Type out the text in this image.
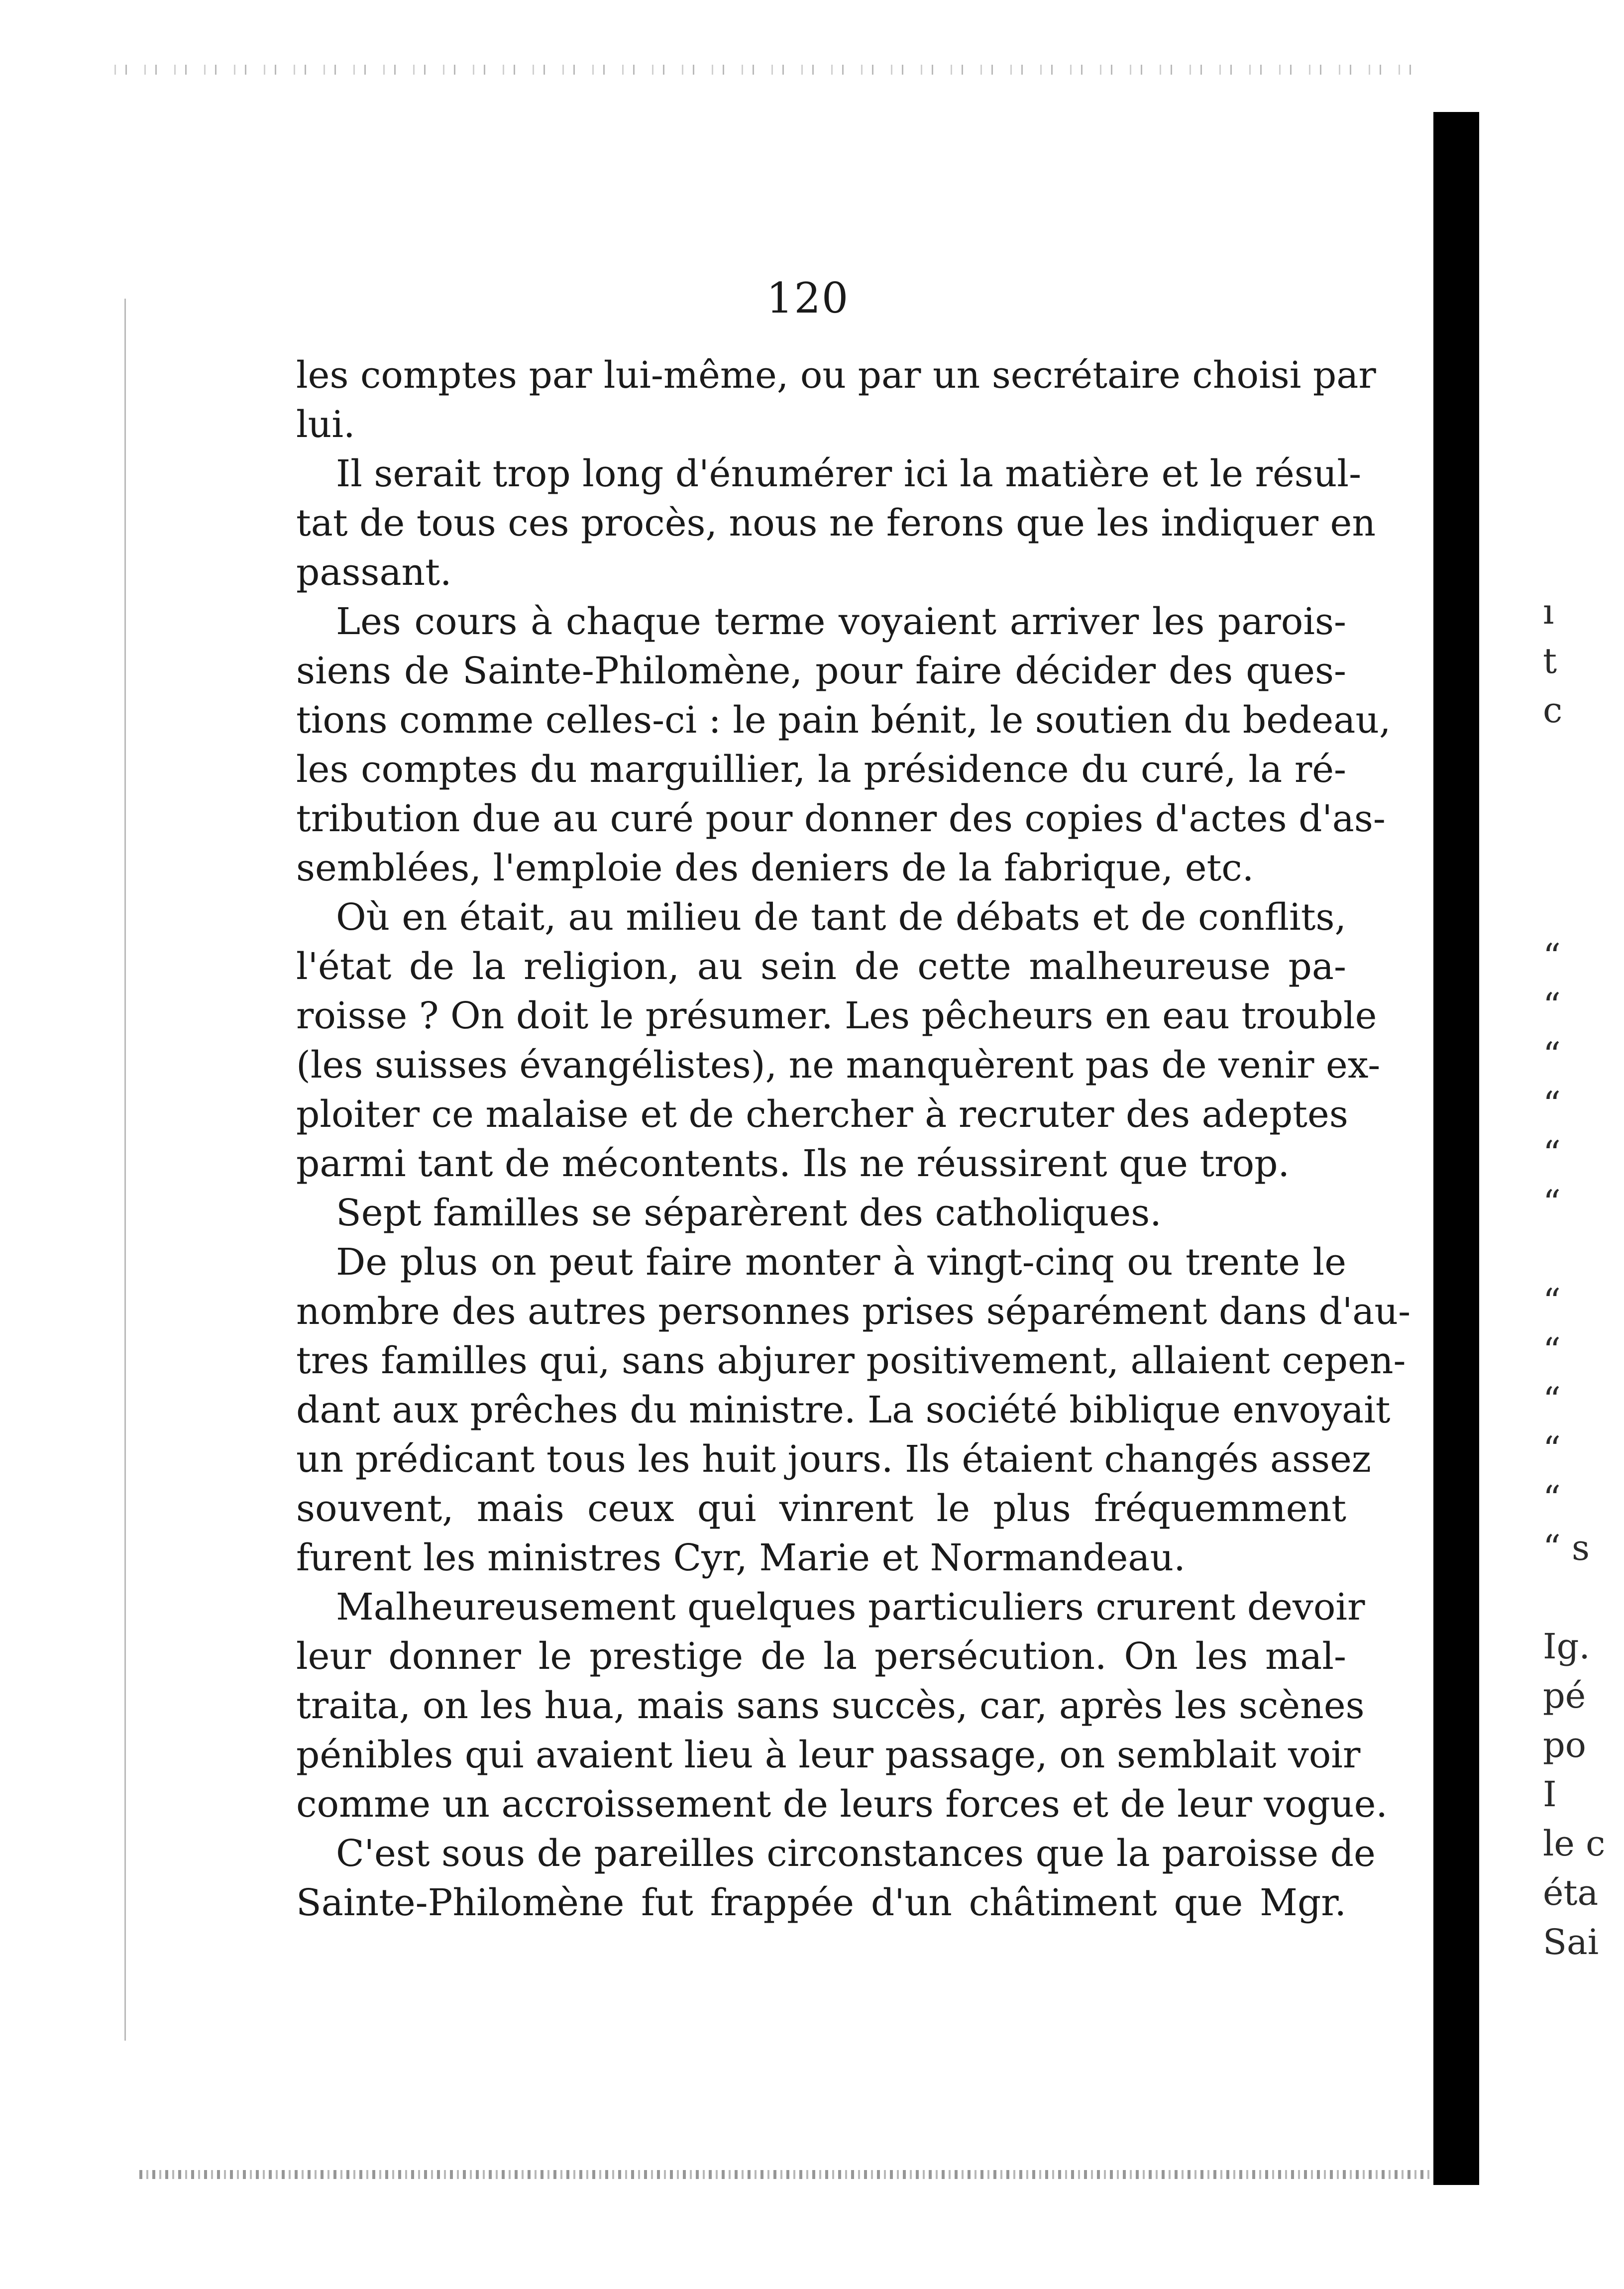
120
les comptes par lui-même, ou par un secrétaire choisi par
lui.
Il serait trop long d'énumérer ici la matière et le résul-
tat de tous ces procès, nous ne ferons que les indiquer en
passant.
Les cours à chaque terme voyaient arriver les parois-
siens de Sainte-Philomène, pour faire décider des ques-
tions comme celles-ci : le pain bénit, le soutien du bedeau,
les comptes du marguillier, la présidence du curé, la ré-
tribution due au curé pour donner des copies d'actes d'as-
semblées, l'emploie des deniers de la fabrique, etc.
Où en était, au milieu de tant de débats et de conflits,
l'état de la religion, au sein de cette malheureuse pa-
roisse ? On doit le présumer. Les pêcheurs en eau trouble
(les suisses évangélistes), ne manquèrent pas de venir ex-
ploiter ce malaise et de chercher à recruter des adeptes
parmi tant de mécontents. Ils ne réussirent que trop.
Sept familles se séparèrent des catholiques.
De plus on peut faire monter à vingt-cinq ou trente le
nombre des autres personnes prises séparément dans d'au-
tres familles qui, sans abjurer positivement, allaient cepen-
dant aux prêches du ministre. La société biblique envoyait
un prédicant tous les huit jours. Ils étaient changés assez
souvent, mais ceux qui vinrent le plus fréquemment
furent les ministres Cyr, Marie et Normandeau.
Malheureusement quelques particuliers crurent devoir
leur donner le prestige de la persécution. On les mal-
traita, on les hua, mais sans succès, car, après les scènes
pénibles qui avaient lieu à leur passage, on semblait voir
comme un accroissement de leurs forces et de leur vogue.
C'est sous de pareilles circonstances que la paroisse de
Sainte-Philomène fut frappée d'un châtiment que Mgr.
ı
t
c
“
“
“
“
“
“
“
“
“
“
“
“ s
Ig.
pé
po
I
le c
éta
Sai
